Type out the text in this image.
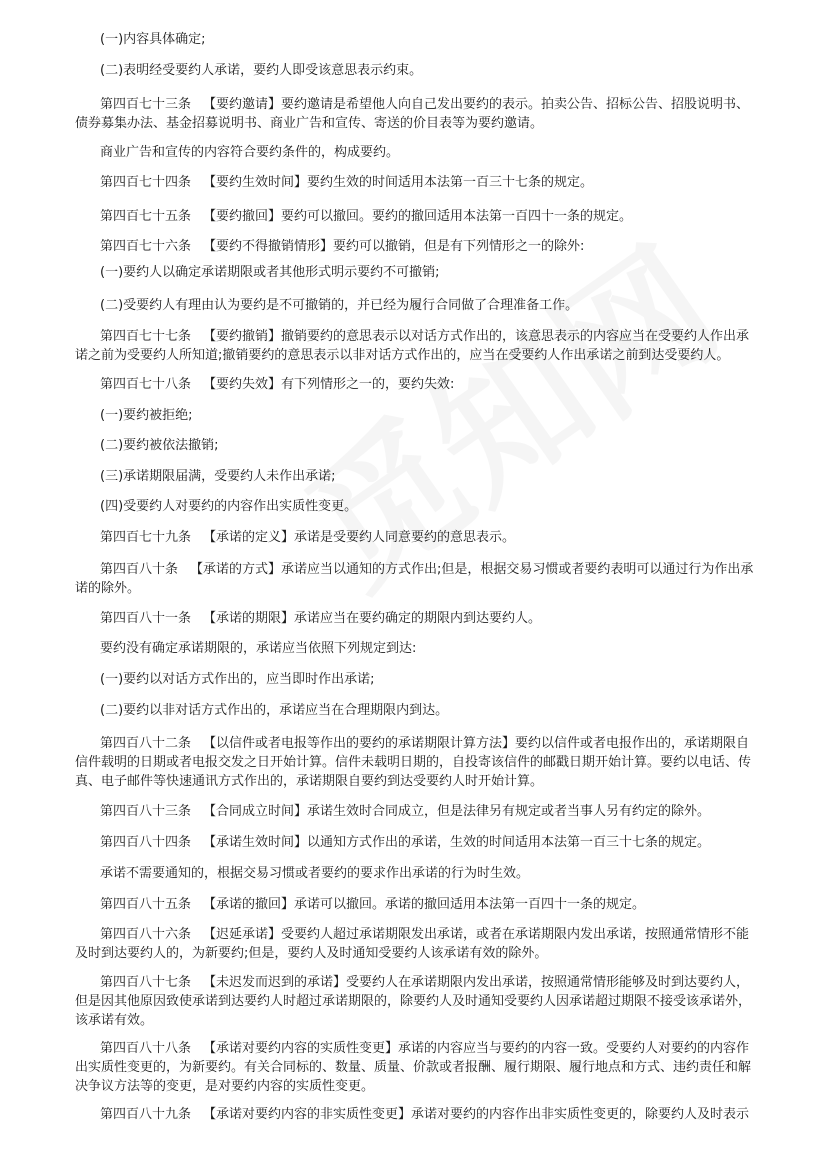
(一)内容具体确定;

(二)表明经受要约人承诺，要约人即受该意思表示约束。

第四百七十三条 【要约邀请】要约邀请是希望他人向自己发出要约的表示。拍卖公告、招标公告、招股说明书、债券募集办法、基金招募说明书、商业广告和宣传、寄送的价目表等为要约邀请。

商业广告和宣传的内容符合要约条件的，构成要约。

第四百七十四条 【要约生效时间】要约生效的时间适用本法第一百三十七条的规定。

第四百七十五条 【要约撤回】要约可以撤回。要约的撤回适用本法第一百四十一条的规定。

第四百七十六条 【要约不得撤销情形】要约可以撤销，但是有下列情形之一的除外:

(一)要约人以确定承诺期限或者其他形式明示要约不可撤销;

(二)受要约人有理由认为要约是不可撤销的，并已经为履行合同做了合理准备工作。

第四百七十七条 【要约撤销】撤销要约的意思表示以对话方式作出的，该意思表示的内容应当在受要约人作出承诺之前为受要约人所知道;撤销要约的意思表示以非对话方式作出的，应当在受要约人作出承诺之前到达受要约人。

第四百七十八条 【要约失效】有下列情形之一的，要约失效:

(一)要约被拒绝;

(二)要约被依法撤销;

(三)承诺期限届满，受要约人未作出承诺;

(四)受要约人对要约的内容作出实质性变更。

第四百七十九条 【承诺的定义】承诺是受要约人同意要约的意思表示。

第四百八十条 【承诺的方式】承诺应当以通知的方式作出;但是，根据交易习惯或者要约表明可以通过行为作出承诺的除外。

第四百八十一条 【承诺的期限】承诺应当在要约确定的期限内到达要约人。

要约没有确定承诺期限的，承诺应当依照下列规定到达:

(一)要约以对话方式作出的，应当即时作出承诺;

(二)要约以非对话方式作出的，承诺应当在合理期限内到达。

第四百八十二条 【以信件或者电报等作出的要约的承诺期限计算方法】要约以信件或者电报作出的，承诺期限自信件载明的日期或者电报交发之日开始计算。信件未载明日期的，自投寄该信件的邮戳日期开始计算。要约以电话、传真、电子邮件等快速通讯方式作出的，承诺期限自要约到达受要约人时开始计算。

第四百八十三条 【合同成立时间】承诺生效时合同成立，但是法律另有规定或者当事人另有约定的除外。

第四百八十四条 【承诺生效时间】以通知方式作出的承诺，生效的时间适用本法第一百三十七条的规定。

承诺不需要通知的，根据交易习惯或者要约的要求作出承诺的行为时生效。

第四百八十五条 【承诺的撤回】承诺可以撤回。承诺的撤回适用本法第一百四十一条的规定。

第四百八十六条 【迟延承诺】受要约人超过承诺期限发出承诺，或者在承诺期限内发出承诺，按照通常情形不能及时到达要约人的，为新要约;但是，要约人及时通知受要约人该承诺有效的除外。

第四百八十七条 【未迟发而迟到的承诺】受要约人在承诺期限内发出承诺，按照通常情形能够及时到达要约人，但是因其他原因致使承诺到达要约人时超过承诺期限的，除要约人及时通知受要约人因承诺超过期限不接受该承诺外，该承诺有效。

第四百八十八条 【承诺对要约内容的实质性变更】承诺的内容应当与要约的内容一致。受要约人对要约的内容作出实质性变更的，为新要约。有关合同标的、数量、质量、价款或者报酬、履行期限、履行地点和方式、违约责任和解决争议方法等的变更，是对要约内容的实质性变更。

第四百八十九条 【承诺对要约内容的非实质性变更】承诺对要约的内容作出非实质性变更的，除要约人及时表示
